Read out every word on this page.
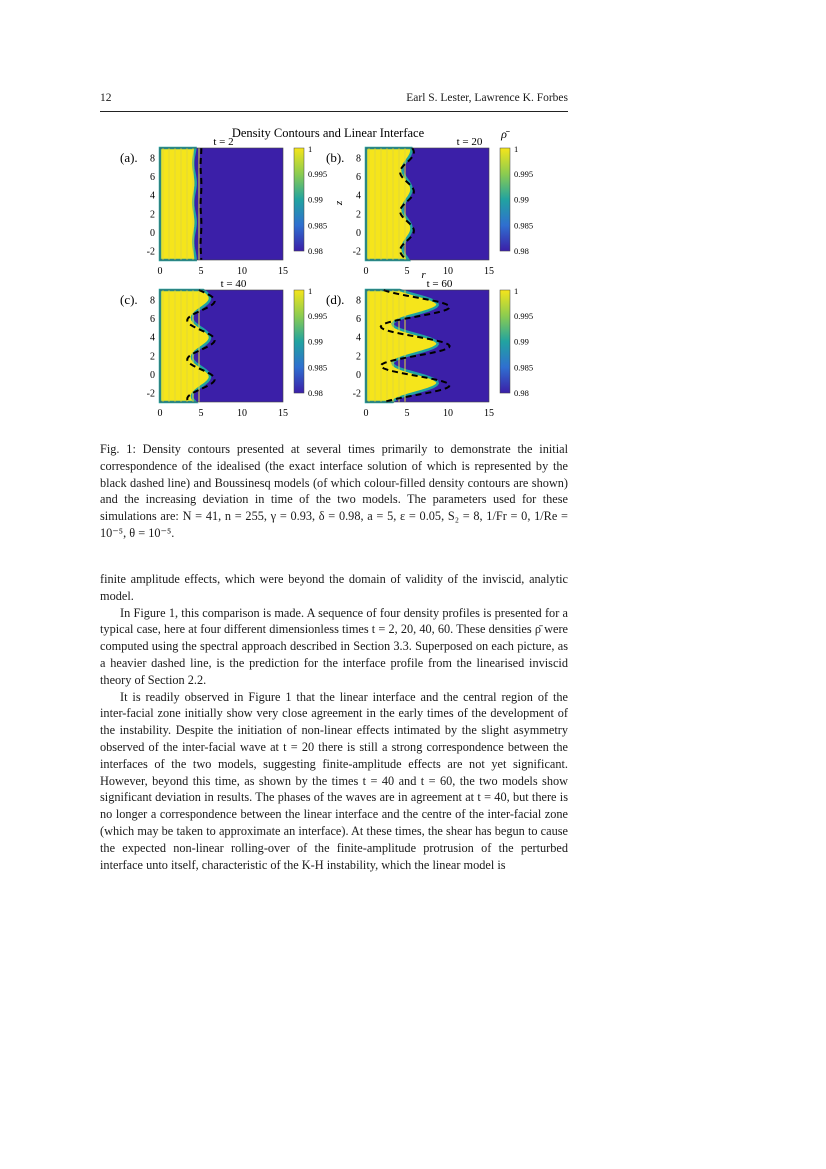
12	Earl S. Lester, Lawrence K. Forbes
Density Contours and Linear Interface
(a).
t = 2
8
6
4
2
0
-2
0	5	10	15
1
0.995
0.99
0.985
0.98
(b).
t = 20
8
6
4
2
0
-2
0	5	10	15
1
0.995
0.99
0.985
0.98
z
r
ρ̄
(c).
t = 40
8
6
4
2
0
-2
0	5	10	15
1
0.995
0.99
0.985
0.98
(d).
t = 60
8
6
4
2
0
-2
0	5	10	15
1
0.995
0.99
0.985
0.98
Fig. 1: Density contours presented at several times primarily to demonstrate the initial correspondence of the idealised (the exact interface solution of which is represented by the black dashed line) and Boussinesq models (of which colour-filled density contours are shown) and the increasing deviation in time of the two models. The parameters used for these simulations are: N = 41, n = 255, γ = 0.93, δ = 0.98, a = 5, ε = 0.05, S₂ = 8, 1/Fr = 0, 1/Re = 10⁻⁵, θ = 10⁻⁵.

finite amplitude effects, which were beyond the domain of validity of the inviscid, analytic model.

In Figure 1, this comparison is made. A sequence of four density profiles is presented for a typical case, here at four different dimensionless times t = 2, 20, 40, 60. These densities ρ̄ were computed using the spectral approach described in Section 3.3. Superposed on each picture, as a heavier dashed line, is the prediction for the interface profile from the linearised inviscid theory of Section 2.2.

It is readily observed in Figure 1 that the linear interface and the central region of the inter-facial zone initially show very close agreement in the early times of the development of the instability. Despite the initiation of non-linear effects intimated by the slight asymmetry observed of the inter-facial wave at t = 20 there is still a strong correspondence between the interfaces of the two models, suggesting finite-amplitude effects are not yet significant. However, beyond this time, as shown by the times t = 40 and t = 60, the two models show significant deviation in results. The phases of the waves are in agreement at t = 40, but there is no longer a correspondence between the linear interface and the centre of the inter-facial zone (which may be taken to approximate an interface). At these times, the shear has begun to cause the expected non-linear rolling-over of the finite-amplitude protrusion of the perturbed interface unto itself, characteristic of the K-H instability, which the linear model is
